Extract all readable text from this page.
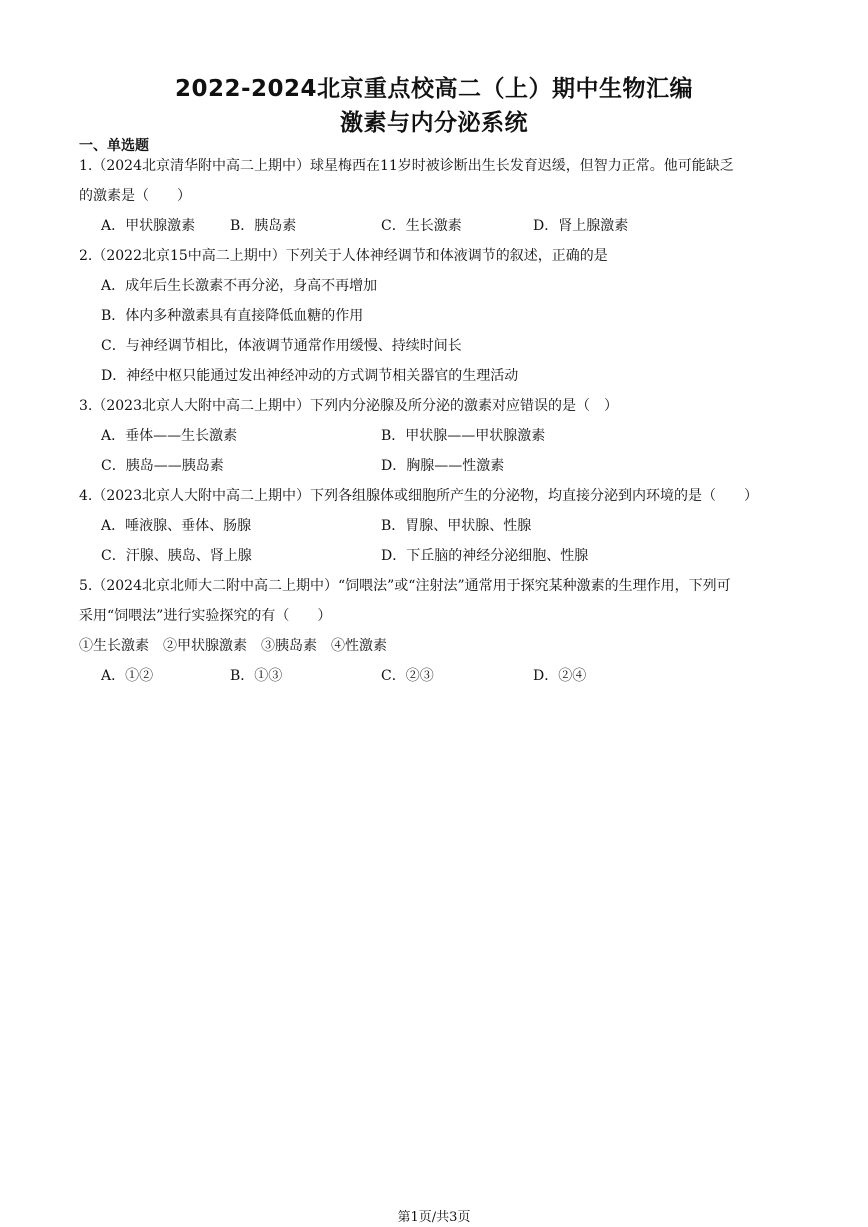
2022-2024北京重点校高二（上）期中生物汇编
激素与内分泌系统
一、单选题
1.（2024北京清华附中高二上期中）球星梅西在11岁时被诊断出生长发育迟缓，但智力正常。他可能缺乏
的激素是（　　）
A．甲状腺激素 B．胰岛素	C．生长激素	D．肾上腺激素
2.（2022北京15中高二上期中）下列关于人体神经调节和体液调节的叙述，正确的是
A．成年后生长激素不再分泌，身高不再增加
B．体内多种激素具有直接降低血糖的作用
C．与神经调节相比，体液调节通常作用缓慢、持续时间长
D．神经中枢只能通过发出神经冲动的方式调节相关器官的生理活动
3.（2023北京人大附中高二上期中）下列内分泌腺及所分泌的激素对应错误的是（　）
A．垂体——生长激素	B．甲状腺——甲状腺激素
C．胰岛——胰岛素	D．胸腺——性激素
4.（2023北京人大附中高二上期中）下列各组腺体或细胞所产生的分泌物，均直接分泌到内环境的是（　　）
A．唾液腺、垂体、肠腺	B．胃腺、甲状腺、性腺
C．汗腺、胰岛、肾上腺	D．下丘脑的神经分泌细胞、性腺
5.（2024北京北师大二附中高二上期中）“饲喂法”或“注射法”通常用于探究某种激素的生理作用，下列可
采用“饲喂法”进行实验探究的有（　　）
①生长激素　②甲状腺激素　③胰岛素　④性激素
A．①②	B．①③	C．②③	D．②④
第1页/共3页
